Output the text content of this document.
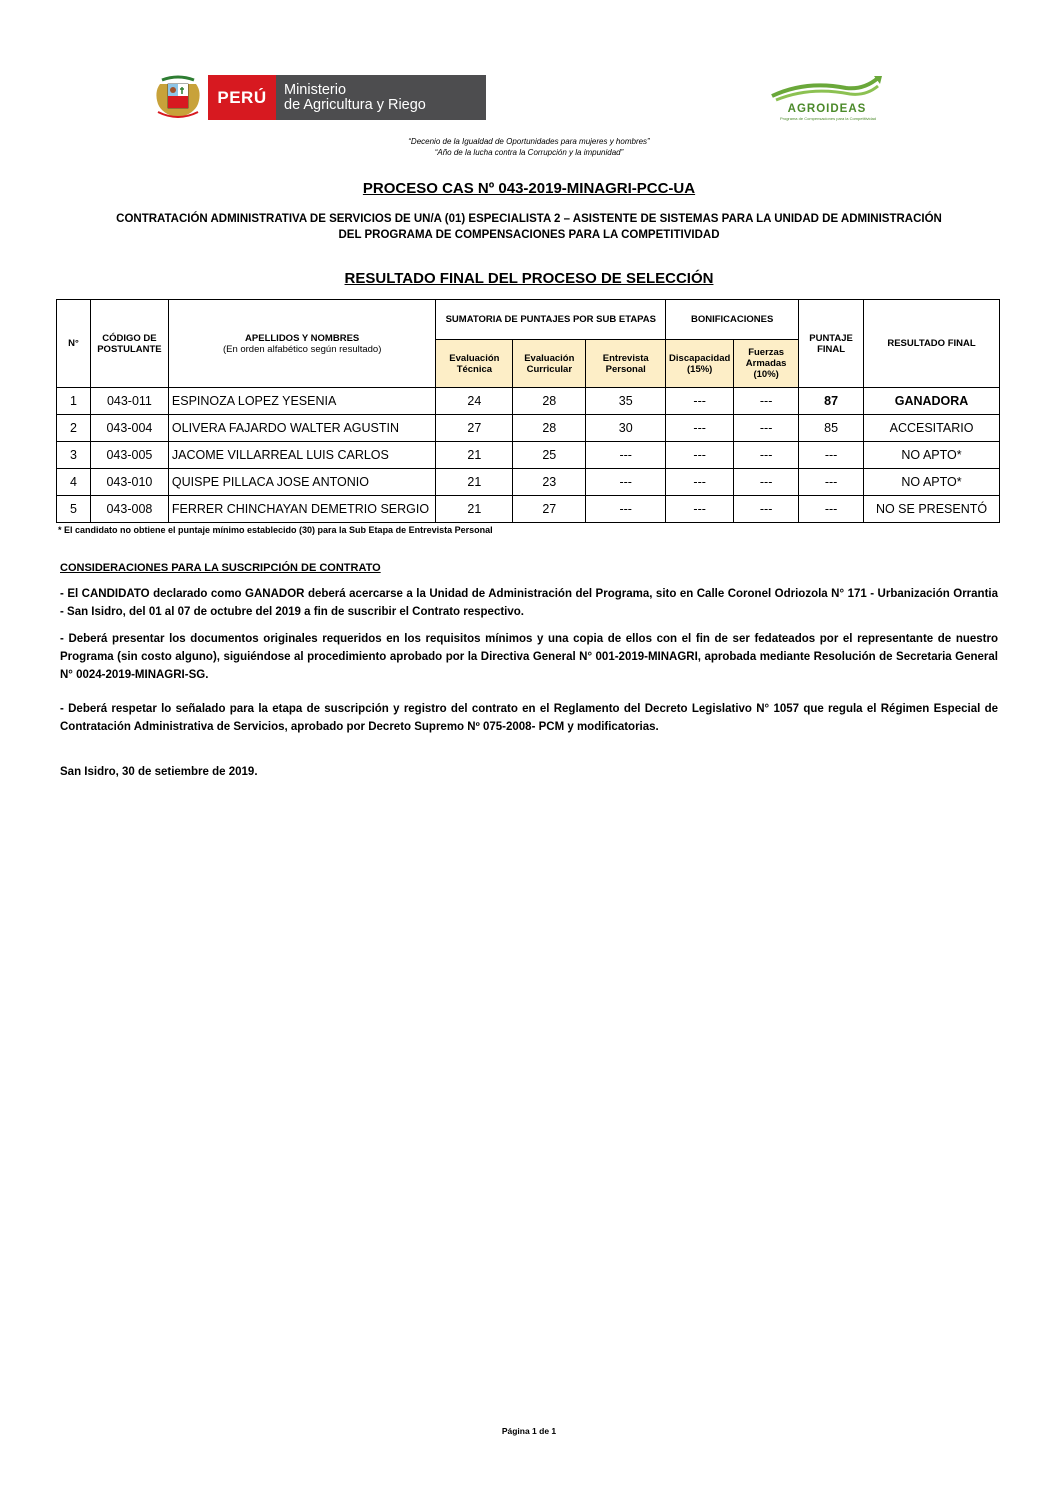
PERÚ	Ministerio
de Agricultura y Riego	AGROIDEAS
Programa de Compensaciones para la Competitividad
“Decenio de la Igualdad de Oportunidades para mujeres y hombres”
“Año de la lucha contra la Corrupción y la impunidad”
PROCESO CAS Nº 043-2019-MINAGRI-PCC-UA
CONTRATACIÓN ADMINISTRATIVA DE SERVICIOS DE UN/A (01) ESPECIALISTA 2 – ASISTENTE DE SISTEMAS PARA LA UNIDAD DE ADMINISTRACIÓN
DEL PROGRAMA DE COMPENSACIONES PARA LA COMPETITIVIDAD
RESULTADO FINAL DEL PROCESO DE SELECCIÓN
N°	CÓDIGO DE POSTULANTE	APELLIDOS Y NOMBRES
(En orden alfabético según resultado)	SUMATORIA DE PUNTAJES POR SUB ETAPAS			BONIFICACIONES		PUNTAJE FINAL	RESULTADO FINAL
			Evaluación Técnica	Evaluación Curricular	Entrevista Personal	Discapacidad (15%)	Fuerzas Armadas (10%)		
1	043-011	ESPINOZA LOPEZ YESENIA	24	28	35	---	---	87	GANADORA
2	043-004	OLIVERA FAJARDO WALTER AGUSTIN	27	28	30	---	---	85	ACCESITARIO
3	043-005	JACOME VILLARREAL LUIS CARLOS	21	25	---	---	---	---	NO APTO*
4	043-010	QUISPE PILLACA JOSE ANTONIO	21	23	---	---	---	---	NO APTO*
5	043-008	FERRER CHINCHAYAN DEMETRIO SERGIO	21	27	---	---	---	---	NO SE PRESENTÓ
* El candidato no obtiene el puntaje mínimo establecido (30) para la Sub Etapa de Entrevista Personal
CONSIDERACIONES PARA LA SUSCRIPCIÓN DE CONTRATO
- El CANDIDATO declarado como GANADOR deberá acercarse a la Unidad de Administración del Programa, sito en Calle Coronel Odriozola N° 171 - Urbanización Orrantia - San Isidro, del 01 al 07 de octubre del 2019 a fin de suscribir el Contrato respectivo.
- Deberá presentar los documentos originales requeridos en los requisitos mínimos y una copia de ellos con el fin de ser fedateados por el representante de nuestro Programa (sin costo alguno), siguiéndose al procedimiento aprobado por la Directiva General N° 001-2019-MINAGRI, aprobada mediante Resolución de Secretaria General N° 0024-2019-MINAGRI-SG.
- Deberá respetar lo señalado para la etapa de suscripción y registro del contrato en el Reglamento del Decreto Legislativo N° 1057 que regula el Régimen Especial de Contratación Administrativa de Servicios, aprobado por Decreto Supremo Nº 075-2008- PCM y modificatorias.
San Isidro, 30 de setiembre de 2019.
Página 1 de 1
